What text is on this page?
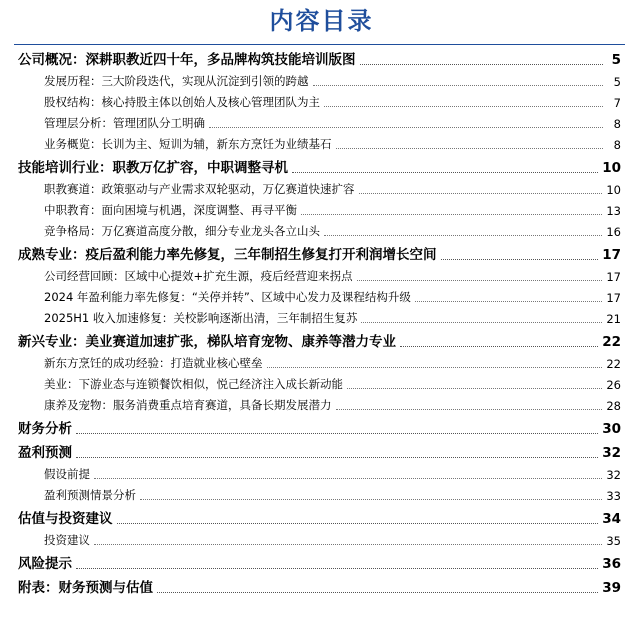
内容目录
公司概况：深耕职教近四十年，多品牌构筑技能培训版图	5
发展历程：三大阶段迭代，实现从沉淀到引领的跨越	5
股权结构：核心持股主体以创始人及核心管理团队为主	7
管理层分析：管理团队分工明确	8
业务概览：长训为主、短训为辅，新东方烹饪为业绩基石	8
技能培训行业：职教万亿扩容，中职调整寻机	10
职教赛道：政策驱动与产业需求双轮驱动，万亿赛道快速扩容	10
中职教育：面向困境与机遇，深度调整、再寻平衡	13
竞争格局：万亿赛道高度分散，细分专业龙头各立山头	16
成熟专业：疫后盈利能力率先修复，三年制招生修复打开利润增长空间	17
公司经营回顾：区域中心提效+扩充生源，疫后经营迎来拐点	17
2024 年盈利能力率先修复：“关停并转”、区域中心发力及课程结构升级	17
2025H1 收入加速修复：关校影响逐渐出清，三年制招生复苏	21
新兴专业：美业赛道加速扩张，梯队培育宠物、康养等潜力专业	22
新东方烹饪的成功经验：打造就业核心壁垒	22
美业：下游业态与连锁餐饮相似，悦己经济注入成长新动能	26
康养及宠物：服务消费重点培育赛道，具备长期发展潜力	28
财务分析	30
盈利预测	32
假设前提	32
盈利预测情景分析	33
估值与投资建议	34
投资建议	35
风险提示	36
附表：财务预测与估值	39
